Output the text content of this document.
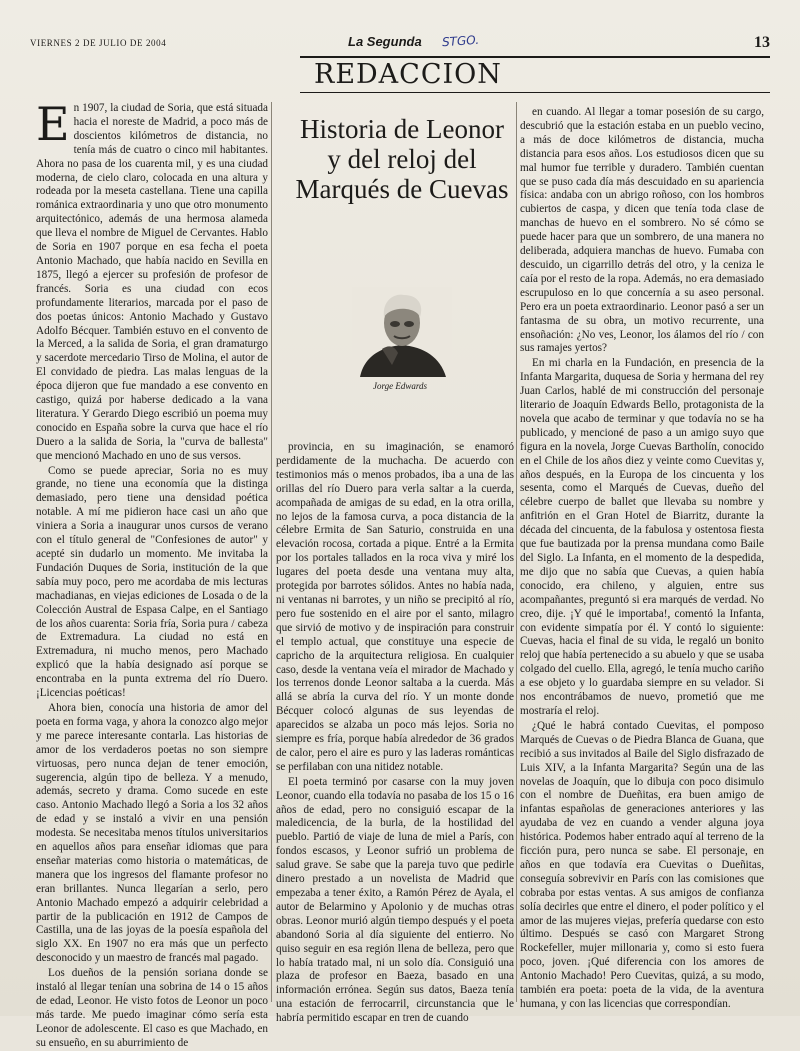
VIERNES 2 DE JULIO DE 2004	La Segunda STGO.	13
REDACCION

En 1907, la ciudad de Soria, que está situada hacia el noreste de Madrid, a poco más de doscientos kilómetros de distancia, no tenía más de cuatro o cinco mil habitantes. Ahora no pasa de los cuarenta mil, y es una ciudad moderna, de cielo claro, colocada en una altura y rodeada por la meseta castellana. Tiene una capilla románica extraordinaria y uno que otro monumento arquitectónico, además de una hermosa alameda que lleva el nombre de Miguel de Cervantes. Hablo de Soria en 1907 porque en esa fecha el poeta Antonio Machado, que había nacido en Sevilla en 1875, llegó a ejercer su profesión de profesor de francés. Soria es una ciudad con ecos profundamente literarios, marcada por el paso de dos poetas únicos: Antonio Machado y Gustavo Adolfo Bécquer. También estuvo en el convento de la Merced, a la salida de Soria, el gran dramaturgo y sacerdote mercedario Tirso de Molina, el autor de El convidado de piedra. Las malas lenguas de la época dijeron que fue mandado a ese convento en castigo, quizá por haberse dedicado a la vana literatura. Y Gerardo Diego escribió un poema muy conocido en España sobre la curva que hace el río Duero a la salida de Soria, la "curva de ballesta" que mencionó Machado en uno de sus versos.

Como se puede apreciar, Soria no es muy grande, no tiene una economía que la distinga demasiado, pero tiene una densidad poética notable. A mí me pidieron hace casi un año que viniera a Soria a inaugurar unos cursos de verano con el título general de "Confesiones de autor" y acepté sin dudarlo un momento. Me invitaba la Fundación Duques de Soria, institución de la que sabía muy poco, pero me acordaba de mis lecturas machadianas, en viejas ediciones de Losada o de la Colección Austral de Espasa Calpe, en el Santiago de los años cuarenta: Soria fría, Soria pura / cabeza de Extremadura. La ciudad no está en Extremadura, ni mucho menos, pero Machado explicó que la había designado así porque se encontraba en la punta extrema del río Duero. ¡Licencias poéticas!

Ahora bien, conocía una historia de amor del poeta en forma vaga, y ahora la conozco algo mejor y me parece interesante contarla. Las historias de amor de los verdaderos poetas no son siempre virtuosas, pero nunca dejan de tener emoción, sugerencia, algún tipo de belleza. Y a menudo, además, secreto y drama. Como sucede en este caso. Antonio Machado llegó a Soria a los 32 años de edad y se instaló a vivir en una pensión modesta. Se necesitaba menos títulos universitarios en aquellos años para enseñar idiomas que para enseñar materias como historia o matemáticas, de manera que los ingresos del flamante profesor no eran brillantes. Nunca llegarían a serlo, pero Antonio Machado empezó a adquirir celebridad a partir de la publicación en 1912 de Campos de Castilla, una de las joyas de la poesía española del siglo XX. En 1907 no era más que un perfecto desconocido y un maestro de francés mal pagado.

Los dueños de la pensión soriana donde se instaló al llegar tenían una sobrina de 14 o 15 años de edad, Leonor. He visto fotos de Leonor un poco más tarde. Me puedo imaginar cómo sería esta Leonor de adolescente. El caso es que Machado, en su ensueño, en su aburrimiento de

Historia de Leonor y del reloj del Marqués de Cuevas
Jorge Edwards

provincia, en su imaginación, se enamoró perdidamente de la muchacha. De acuerdo con testimonios más o menos probados, iba a una de las orillas del río Duero para verla saltar a la cuerda, acompañada de amigas de su edad, en la otra orilla, no lejos de la famosa curva, a poca distancia de la célebre Ermita de San Saturio, construida en una elevación rocosa, cortada a pique. Entré a la Ermita por los portales tallados en la roca viva y miré los lugares del poeta desde una ventana muy alta, protegida por barrotes sólidos. Antes no había nada, ni ventanas ni barrotes, y un niño se precipitó al río, pero fue sostenido en el aire por el santo, milagro que sirvió de motivo y de inspiración para construir el templo actual, que constituye una especie de capricho de la arquitectura religiosa. En cualquier caso, desde la ventana veía el mirador de Machado y los terrenos donde Leonor saltaba a la cuerda. Más allá se abría la curva del río. Y un monte donde Bécquer colocó algunas de sus leyendas de aparecidos se alzaba un poco más lejos. Soria no siempre es fría, porque había alrededor de 36 grados de calor, pero el aire es puro y las laderas románticas se perfilaban con una nitidez notable.

El poeta terminó por casarse con la muy joven Leonor, cuando ella todavía no pasaba de los 15 o 16 años de edad, pero no consiguió escapar de la maledicencia, de la burla, de la hostilidad del pueblo. Partió de viaje de luna de miel a París, con fondos escasos, y Leonor sufrió un problema de salud grave. Se sabe que la pareja tuvo que pedirle dinero prestado a un novelista de Madrid que empezaba a tener éxito, a Ramón Pérez de Ayala, el autor de Belarmino y Apolonio y de muchas otras obras. Leonor murió algún tiempo después y el poeta abandonó Soria al día siguiente del entierro. No quiso seguir en esa región llena de belleza, pero que lo había tratado mal, ni un solo día. Consiguió una plaza de profesor en Baeza, basado en una información errónea. Según sus datos, Baeza tenía una estación de ferrocarril, circunstancia que le habría permitido escapar en tren de cuando

en cuando. Al llegar a tomar posesión de su cargo, descubrió que la estación estaba en un pueblo vecino, a más de doce kilómetros de distancia, mucha distancia para esos años. Los estudiosos dicen que su mal humor fue terrible y duradero. También cuentan que se puso cada día más descuidado en su apariencia física: andaba con un abrigo roñoso, con los hombros cubiertos de caspa, y dicen que tenía toda clase de manchas de huevo en el sombrero. No sé cómo se puede hacer para que un sombrero, de una manera no deliberada, adquiera manchas de huevo. Fumaba con descuido, un cigarrillo detrás del otro, y la ceniza le caía por el resto de la ropa. Además, no era demasiado escrupuloso en lo que concernía a su aseo personal. Pero era un poeta extraordinario. Leonor pasó a ser un fantasma de su obra, un motivo recurrente, una ensoñación: ¿No ves, Leonor, los álamos del río / con sus ramajes yertos?

En mi charla en la Fundación, en presencia de la Infanta Margarita, duquesa de Soria y hermana del rey Juan Carlos, hablé de mi construcción del personaje literario de Joaquín Edwards Bello, protagonista de la novela que acabo de terminar y que todavía no se ha publicado, y mencioné de paso a un amigo suyo que figura en la novela, Jorge Cuevas Bartholín, conocido en el Chile de los años diez y veinte como Cuevitas y, años después, en la Europa de los cincuenta y los sesenta, como el Marqués de Cuevas, dueño del célebre cuerpo de ballet que llevaba su nombre y anfitrión en el Gran Hotel de Biarritz, durante la década del cincuenta, de la fabulosa y ostentosa fiesta que fue bautizada por la prensa mundana como Baile del Siglo. La Infanta, en el momento de la despedida, me dijo que no sabía que Cuevas, a quien había conocido, era chileno, y alguien, entre sus acompañantes, preguntó si era marqués de verdad. No creo, dije. ¡Y qué le importaba!, comentó la Infanta, con evidente simpatía por él. Y contó lo siguiente: Cuevas, hacia el final de su vida, le regaló un bonito reloj que había pertenecido a su abuelo y que se usaba colgado del cuello. Ella, agregó, le tenía mucho cariño a ese objeto y lo guardaba siempre en su velador. Si nos encontrábamos de nuevo, prometió que me mostraría el reloj.

¿Qué le habrá contado Cuevitas, el pomposo Marqués de Cuevas o de Piedra Blanca de Guana, que recibió a sus invitados al Baile del Siglo disfrazado de Luis XIV, a la Infanta Margarita? Según una de las novelas de Joaquín, que lo dibuja con poco disimulo con el nombre de Dueñitas, era buen amigo de infantas españolas de generaciones anteriores y las ayudaba de vez en cuando a vender alguna joya histórica. Podemos haber entrado aquí al terreno de la ficción pura, pero nunca se sabe. El personaje, en años en que todavía era Cuevitas o Dueñitas, conseguía sobrevivir en París con las comisiones que cobraba por estas ventas. A sus amigos de confianza solía decirles que entre el dinero, el poder político y el amor de las mujeres viejas, prefería quedarse con esto último. Después se casó con Margaret Strong Rockefeller, mujer millonaria y, como si esto fuera poco, joven. ¡Qué diferencia con los amores de Antonio Machado! Pero Cuevitas, quizá, a su modo, también era poeta: poeta de la vida, de la aventura humana, y con las licencias que correspondían.
